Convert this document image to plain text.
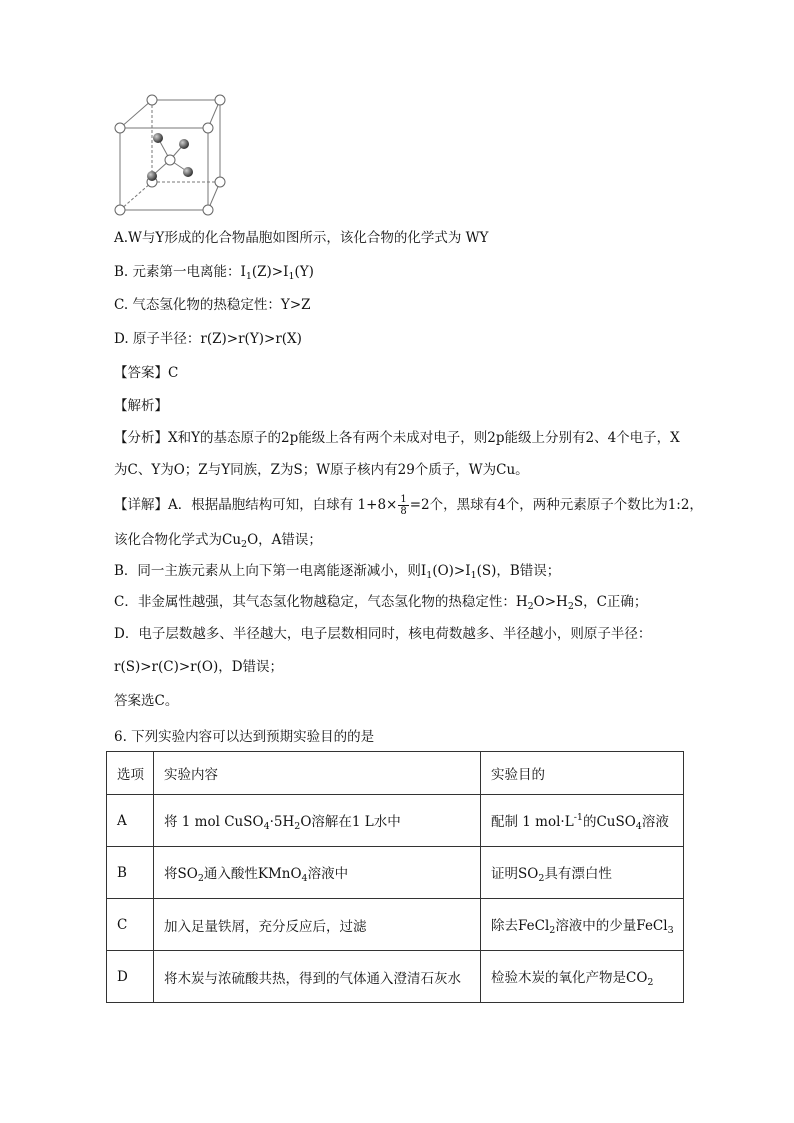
A.W与Y形成的化合物晶胞如图所示，该化合物的化学式为 WY
B. 元素第一电离能：$I_1(Z)>I_1(Y)$
C. 气态氢化物的热稳定性：Y>Z
D. 原子半径：r(Z)>r(Y)>r(X)
【答案】C
【解析】
【分析】X和Y的基态原子的2p能级上各有两个未成对电子，则2p能级上分别有2、4个电子，X
为C、Y为O；Z与Y同族，Z为S；W原子核内有29个质子，W为Cu。
【详解】A．根据晶胞结构可知，白球有 $1+8\times \frac{1}{8} =2$个，黑球有4个，两种元素原子个数比为1:2，
该化合物化学式为$Cu_2O$，A错误；
B．同一主族元素从上向下第一电离能逐渐减小，则$I_1(O)>I_1(S)$，B错误；
C．非金属性越强，其气态氢化物越稳定，气态氢化物的热稳定性：$H_2O>H_2S$，C正确；
D．电子层数越多、半径越大，电子层数相同时，核电荷数越多、半径越小，则原子半径：
r(S)>r(C)>r(O)，D错误；
答案选C。
6. 下列实验内容可以达到预期实验目的的是
选项	实验内容	实验目的
A	将 1 mol $CuSO_4\cdot 5H_2O$溶解在1 L水中	配制 1 $mol\cdot L^{-1}$的CuSO$_4$溶液
B	将$SO_2$通入酸性KMnO$_4$溶液中	证明$SO_2$具有漂白性
C	加入足量铁屑，充分反应后，过滤	除去FeCl$_2$溶液中的少量FeCl$_3$
D	将木炭与浓硫酸共热，得到的气体通入澄清石灰水	检验木炭的氧化产物是$CO_2$
